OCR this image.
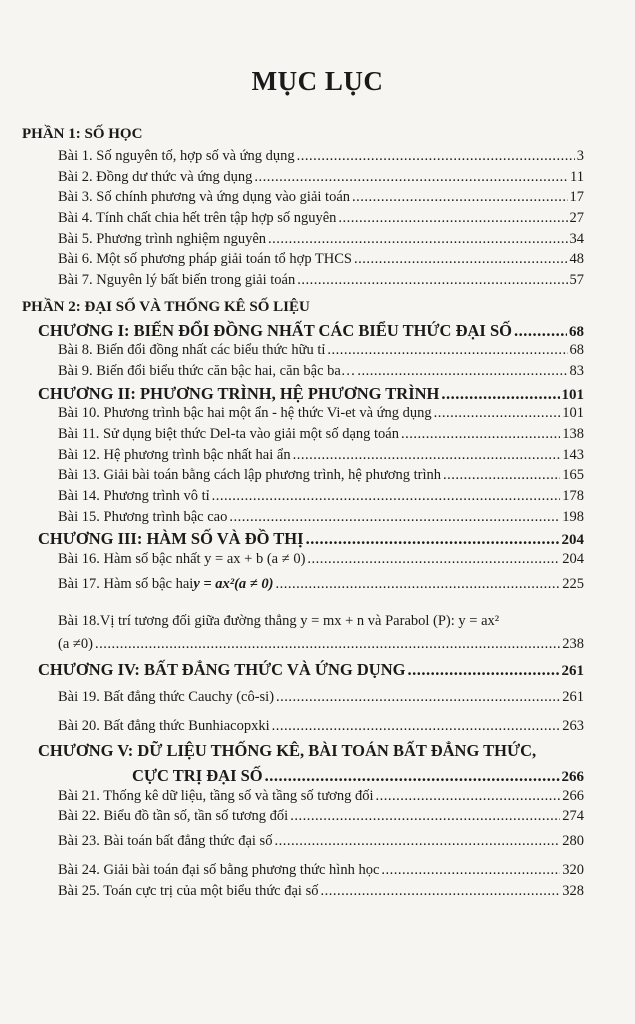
MỤC LỤC
PHẦN 1: SỐ HỌC
Bài 1. Số nguyên tố, hợp số và ứng dụng .....	3
Bài 2. Đồng dư thức và ứng dụng .....	11
Bài 3. Số chính phương và ứng dụng vào giải toán .....	17
Bài 4. Tính chất chia hết trên tập hợp số nguyên .....	27
Bài 5. Phương trình nghiệm nguyên .....	34
Bài 6. Một số phương pháp giải toán tổ hợp THCS .....	48
Bài 7. Nguyên lý bất biến trong giải toán .....	57
PHẦN 2: ĐẠI SỐ VÀ THỐNG KÊ SỐ LIỆU
CHƯƠNG I: BIẾN ĐỔI ĐỒNG NHẤT CÁC BIỂU THỨC ĐẠI SỐ .....	68
Bài 8. Biến đổi đồng nhất các biểu thức hữu tỉ .....	68
Bài 9. Biến đổi biểu thức căn bậc hai, căn bậc ba… .....	83
CHƯƠNG II: PHƯƠNG TRÌNH, HỆ PHƯƠNG TRÌNH .....	101
Bài 10. Phương trình bậc hai một ẩn - hệ thức Vi-et và ứng dụng .....	101
Bài 11. Sử dụng biệt thức Del-ta vào giải một số dạng toán .....	138
Bài 12. Hệ phương trình bậc nhất hai ẩn .....	143
Bài 13. Giải bài toán bằng cách lập phương trình, hệ phương trình .....	165
Bài 14. Phương trình vô tỉ .....	178
Bài 15. Phương trình bậc cao .....	198
CHƯƠNG III: HÀM SỐ VÀ ĐỒ THỊ .....	204
Bài 16. Hàm số bậc nhất y = ax + b (a ≠ 0) .....	204
Bài 17. Hàm số bậc hai y = ax²(a ≠ 0) .....	225
Bài 18.Vị trí tương đối giữa đường thẳng y = mx + n và Parabol (P): y = ax²
(a ≠0) .....	238
CHƯƠNG IV: BẤT ĐẲNG THỨC VÀ ỨNG DỤNG .....	261
Bài 19. Bất đẳng thức Cauchy (cô-si) .....	261
Bài 20. Bất đẳng thức Bunhiacopxki .....	263
CHƯƠNG V: DỮ LIỆU THỐNG KÊ, BÀI TOÁN BẤT ĐẲNG THỨC,
CỰC TRỊ ĐẠI SỐ .....	266
Bài 21. Thống kê dữ liệu, tầng số và tầng số tương đối .....	266
Bài 22. Biểu đồ tần số, tần số tương đối .....	274
Bài 23. Bài toán bất đẳng thức đại số .....	280
Bài 24. Giải bài toán đại số bằng phương thức hình học .....	320
Bài 25. Toán cực trị của một biểu thức đại số .....	328
